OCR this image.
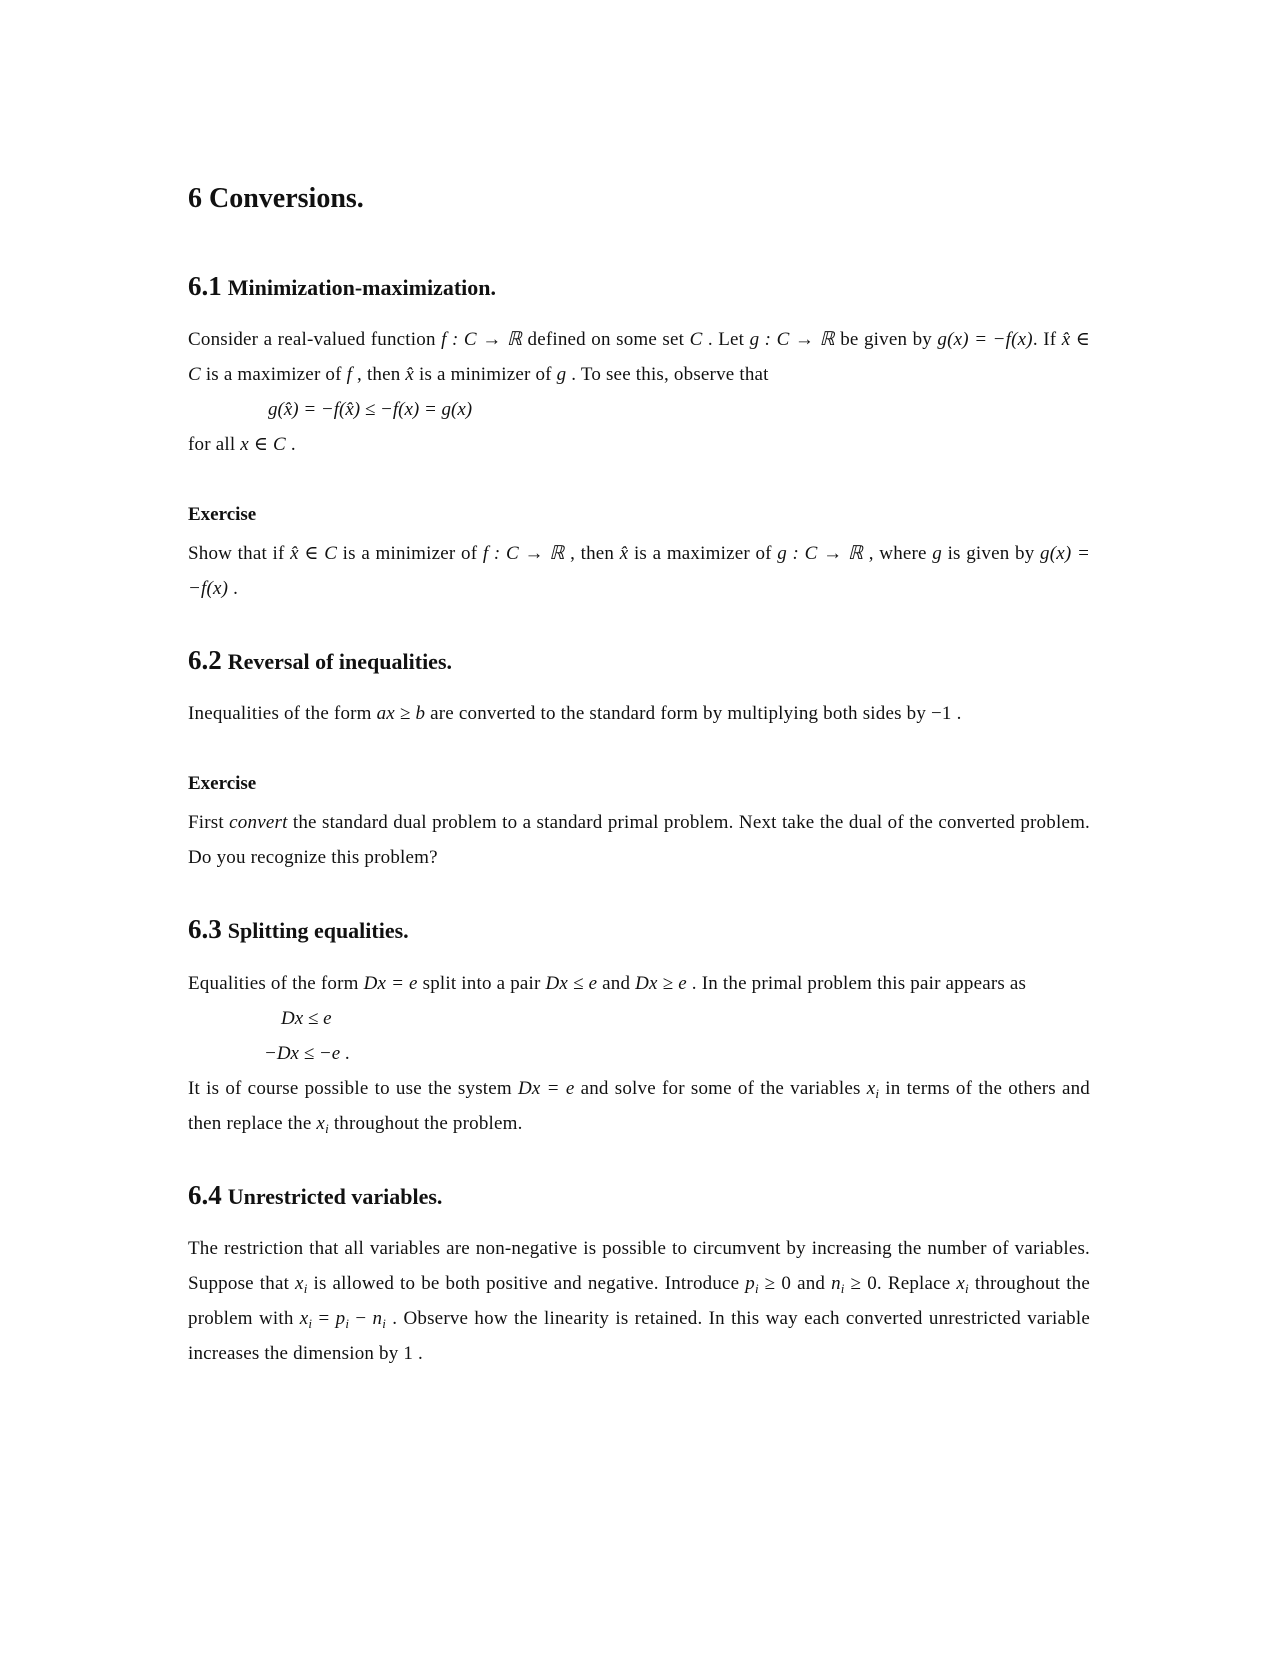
6 Conversions.
6.1 Minimization-maximization.

Consider a real-valued function f : C → ℝ defined on some set C . Let g : C → ℝ be given by g(x) = −f(x). If x̂ ∈ C is a maximizer of f , then x̂ is a minimizer of g . To see this, observe that

g(x̂) = −f(x̂) ≤ −f(x) = g(x)

for all x ∈ C .

Exercise

Show that if x̂ ∈ C is a minimizer of f : C → ℝ , then x̂ is a maximizer of g : C → ℝ , where g is given by g(x) = −f(x) .

6.2 Reversal of inequalities.

Inequalities of the form ax ≥ b are converted to the standard form by multiplying both sides by −1 .

Exercise

First convert the standard dual problem to a standard primal problem. Next take the dual of the converted problem. Do you recognize this problem?

6.3 Splitting equalities.

Equalities of the form Dx = e split into a pair Dx ≤ e and Dx ≥ e . In the primal problem this pair appears as

Dx ≤ e
−Dx ≤ −e .

It is of course possible to use the system Dx = e and solve for some of the variables $x_i$ in terms of the others and then replace the $x_i$ throughout the problem.

6.4 Unrestricted variables.

The restriction that all variables are non-negative is possible to circumvent by increasing the number of variables. Suppose that $x_i$ is allowed to be both positive and negative. Introduce $p_i \ge 0$ and $n_i \ge 0$. Replace $x_i$ throughout the problem with $x_i = p_i - n_i$ . Observe how the linearity is retained. In this way each converted unrestricted variable increases the dimension by 1 .
